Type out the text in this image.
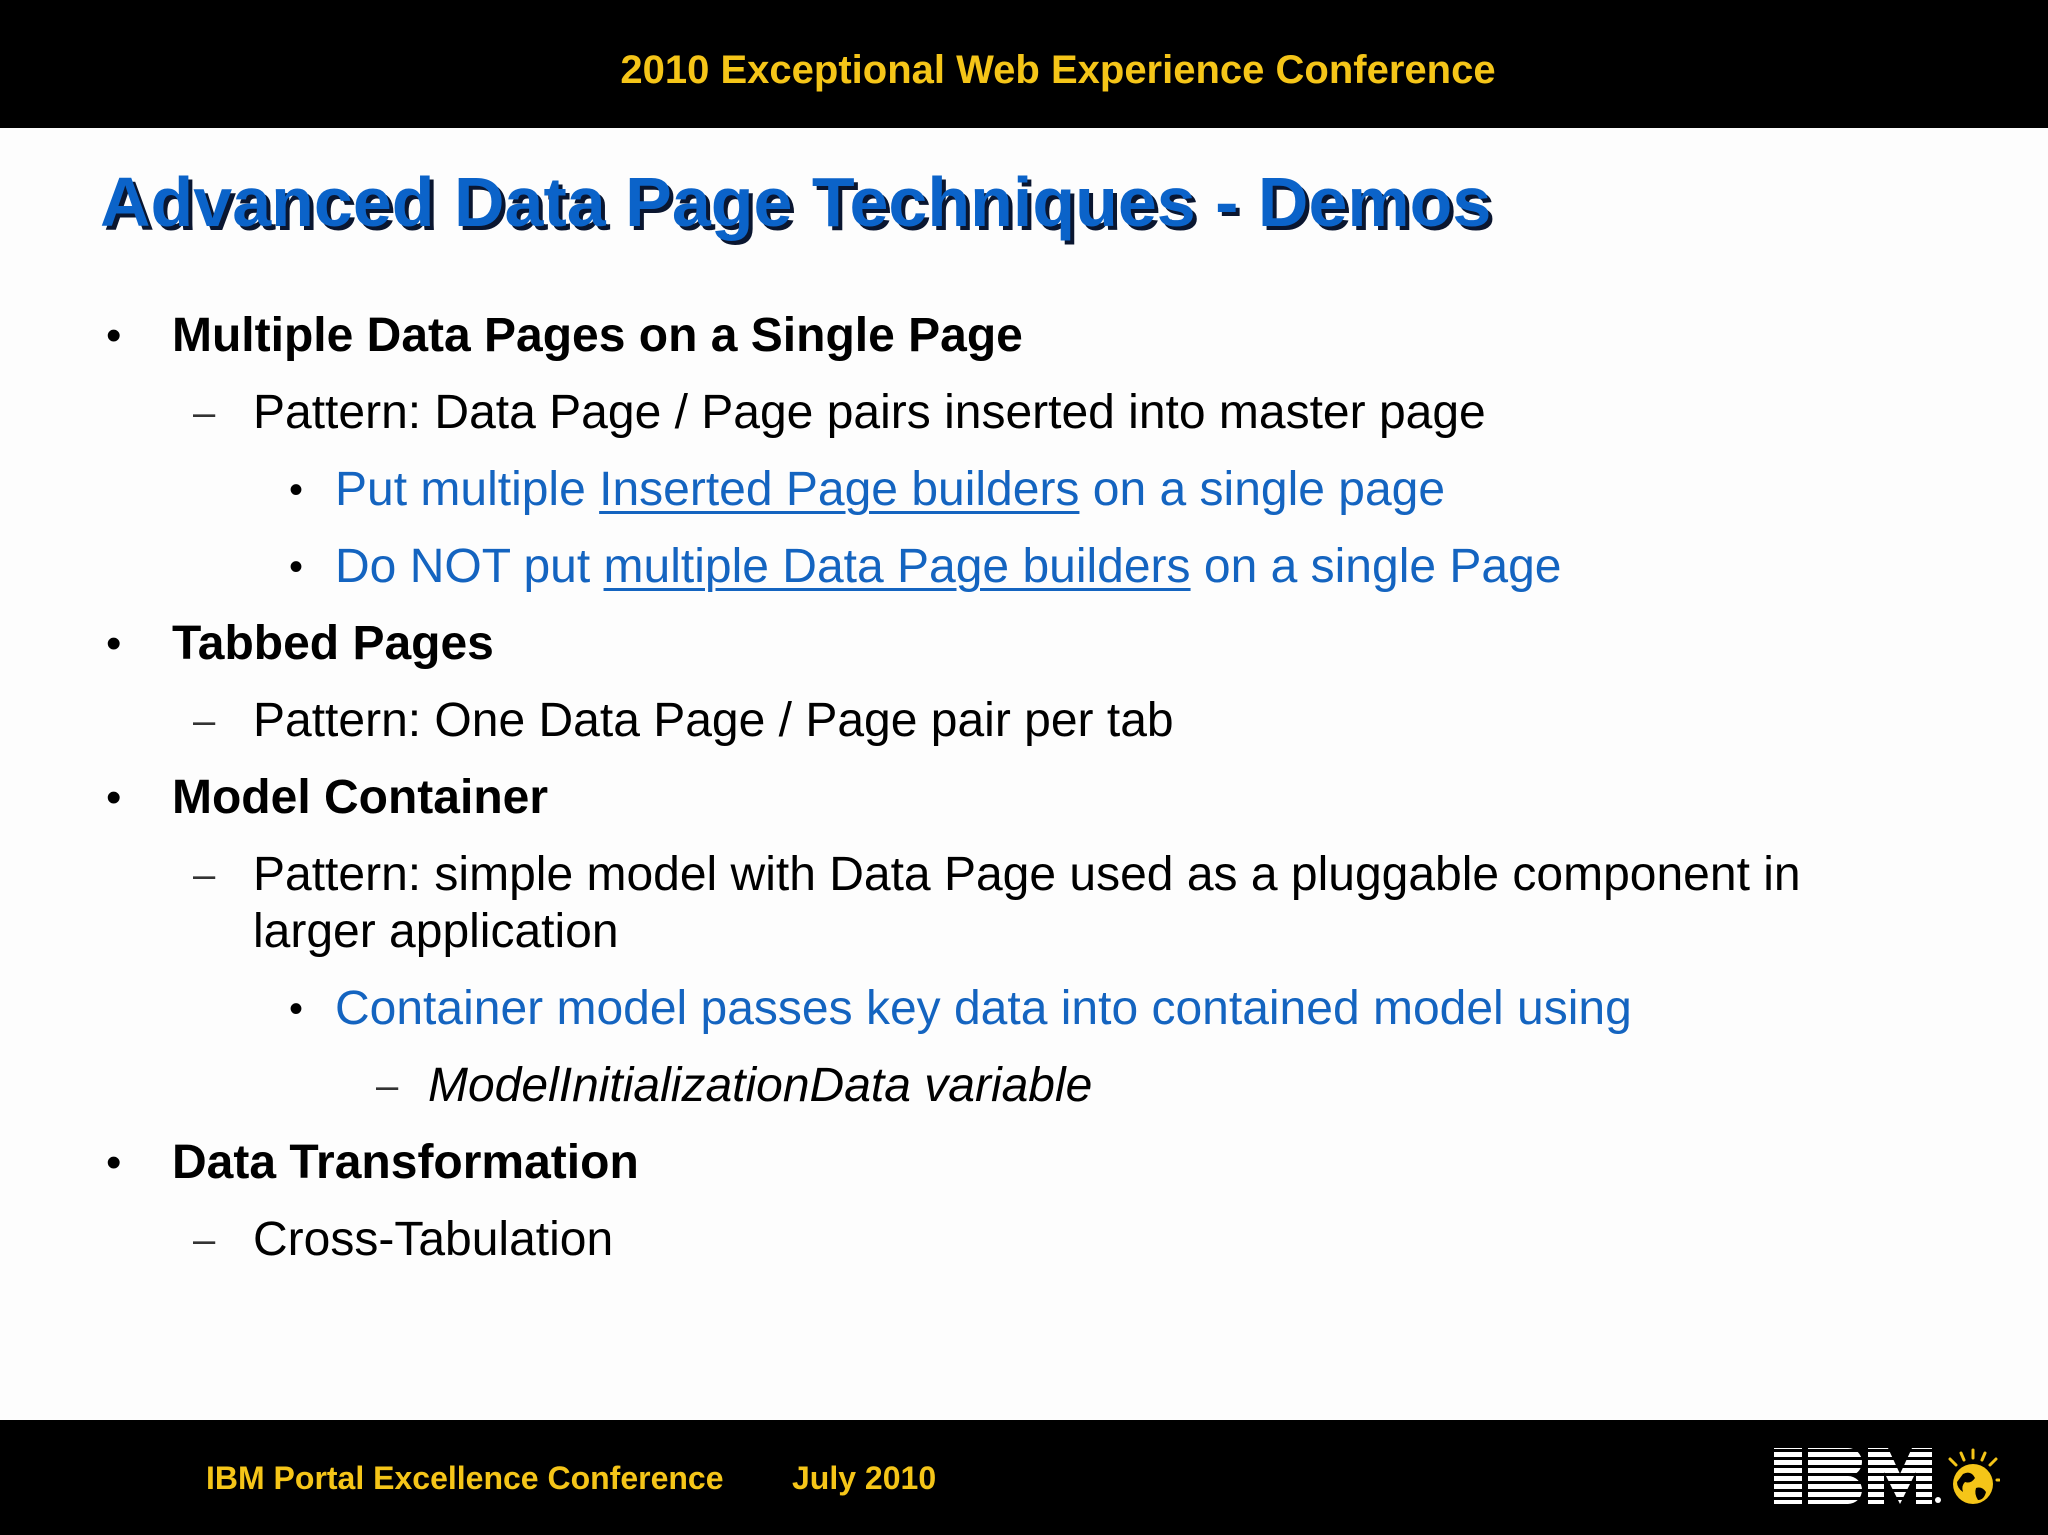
2010 Exceptional Web Experience Conference
Advanced Data Page Techniques - Demos
• Multiple Data Pages on a Single Page
– Pattern: Data Page / Page pairs inserted into master page
• Put multiple Inserted Page builders on a single page
• Do NOT put multiple Data Page builders on a single Page
• Tabbed Pages
– Pattern: One Data Page / Page pair per tab
• Model Container
– Pattern: simple model with Data Page used as a pluggable component in
larger application
• Container model passes key data into contained model using
– ModelInitializationData variable
• Data Transformation
– Cross-Tabulation
IBM Portal Excellence Conference July 2010
